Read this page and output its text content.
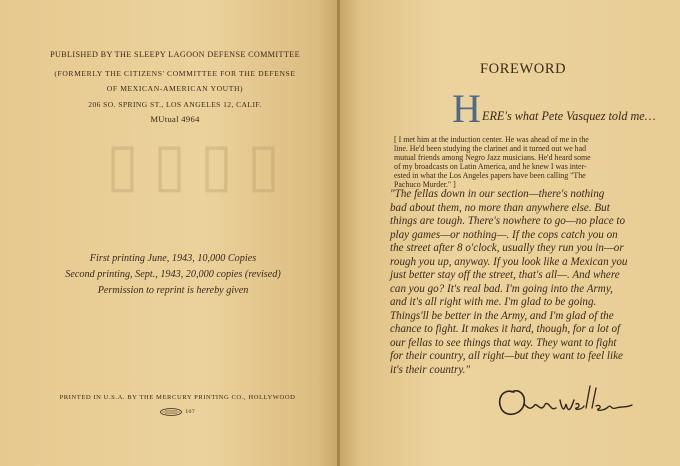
▯▯▯▯
PUBLISHED BY THE SLEEPY LAGOON DEFENSE COMMITTEE
(FORMERLY THE CITIZENS' COMMITTEE FOR THE DEFENSE
OF MEXICAN-AMERICAN YOUTH)
206 SO. SPRING ST., LOS ANGELES 12, CALIF.
MUtual 4964
First printing June, 1943, 10,000 Copies
Second printing, Sept., 1943, 20,000 copies (revised)
Permission to reprint is hereby given
PRINTED IN U.S.A. BY THE MERCURY PRINTING CO., HOLLYWOOD
107
FOREWORD
H ERE's what Pete Vasquez told me…
[ I met him at the induction center. He was ahead of me in the
line. He'd been studying the clarinet and it turned out we had
mutual friends among Negro Jazz musicians. He'd heard some
of my broadcasts on Latin America, and he knew I was inter-
ested in what the Los Angeles papers have been calling "The
Pachuco Murder." ]
"The fellas down in our section—there's nothing
bad about them, no more than anywhere else. But
things are tough. There's nowhere to go—no place to
play games—or nothing—. If the cops catch you on
the street after 8 o'clock, usually they run you in—or
rough you up, anyway. If you look like a Mexican you
just better stay off the street, that's all—. And where
can you go? It's real bad. I'm going into the Army,
and it's all right with me. I'm glad to be going.
Things'll be better in the Army, and I'm glad of the
chance to fight. It makes it hard, though, for a lot of
our fellas to see things that way. They want to fight
for their country, all right—but they want to feel like
it's their country."
